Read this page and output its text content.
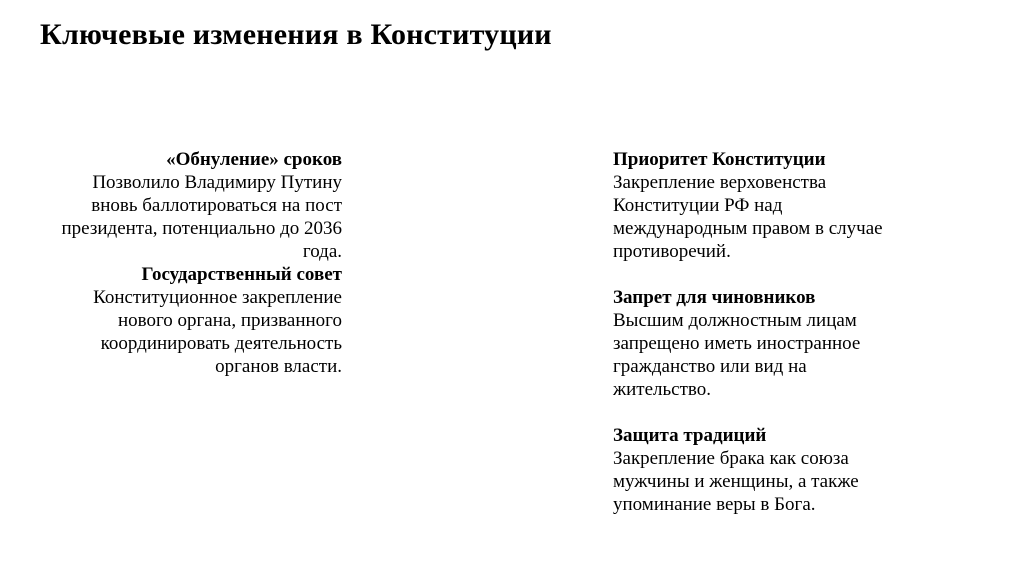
Ключевые изменения в Конституции
«Обнуление» сроков
Позволило Владимиру Путину вновь баллотироваться на пост президента, потенциально до 2036 года.
Государственный совет
Конституционное закрепление нового органа, призванного координировать деятельность органов власти.
Приоритет Конституции
Закрепление верховенства Конституции РФ над международным правом в случае противоречий.
Запрет для чиновников
Высшим должностным лицам запрещено иметь иностранное гражданство или вид на жительство.
Защита традиций
Закрепление брака как союза мужчины и женщины, а также упоминание веры в Бога.
